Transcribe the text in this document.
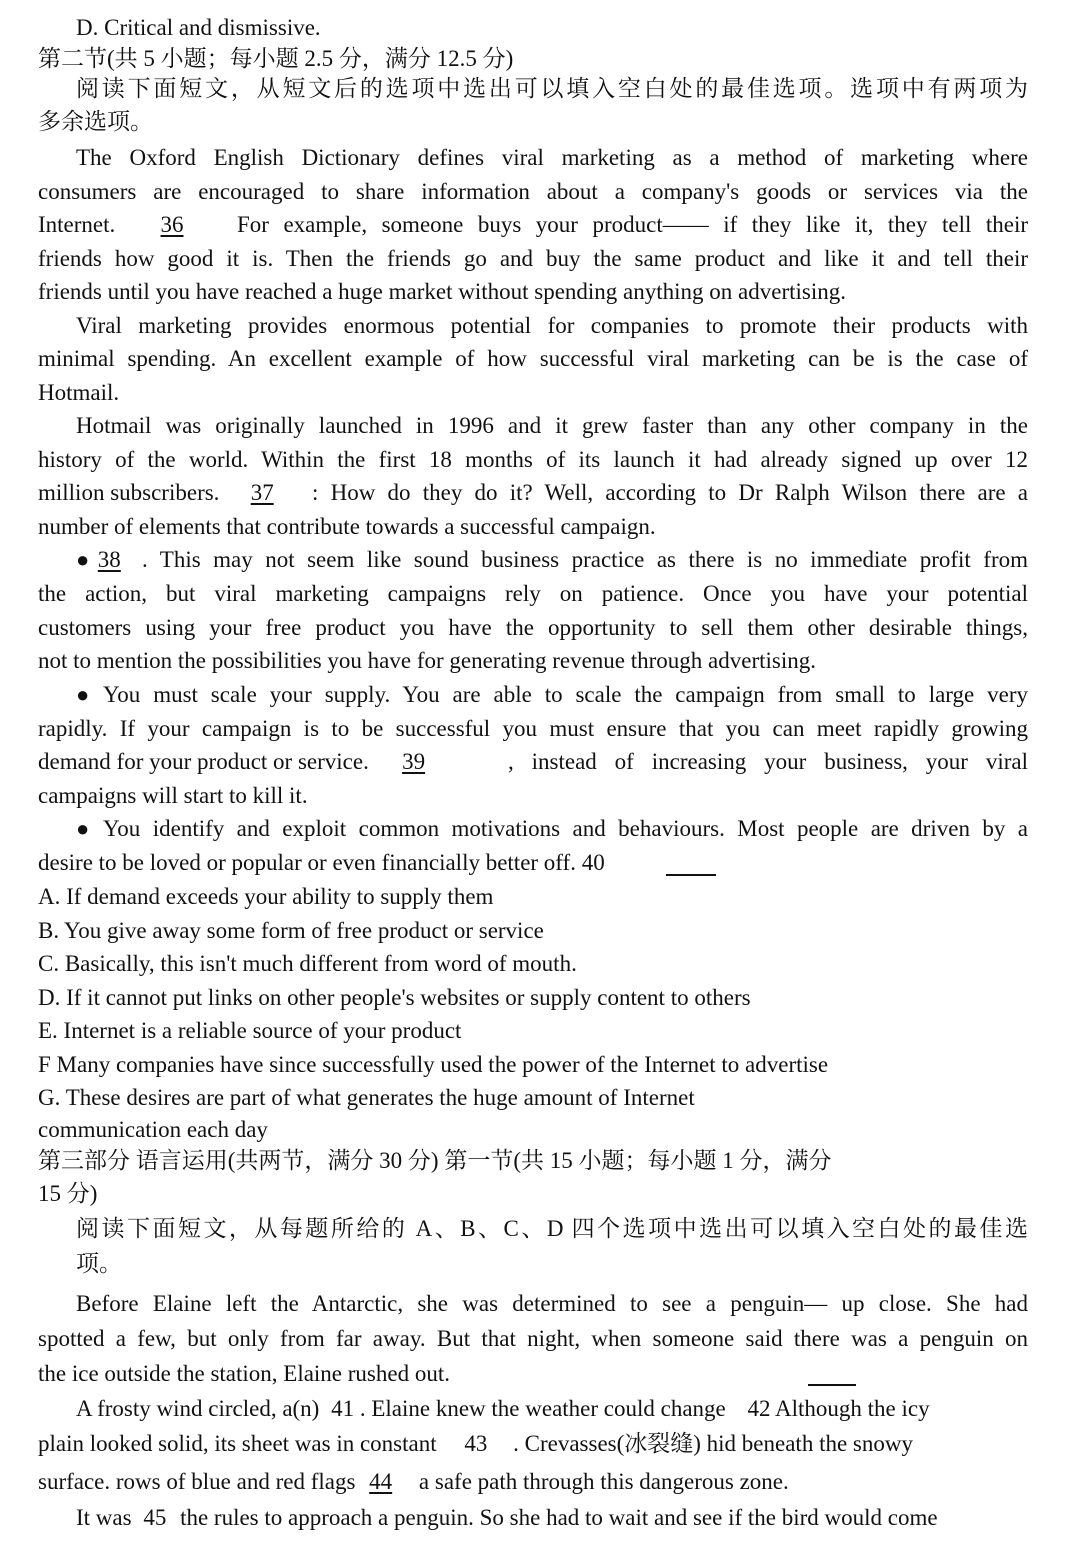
D. Critical and dismissive.
第二节(共 5 小题；每小题 2.5 分，满分 12.5 分)
阅读下面短文，从短文后的选项中选出可以填入空白处的最佳选项。选项中有两项为
多余选项。
The Oxford English Dictionary defines viral marketing as a method of marketing where
consumers are encouraged to share information about a company's goods or services via the
Internet. 36 For example, someone buys your product—— if they like it, they tell their
friends how good it is. Then the friends go and buy the same product and like it and tell their
friends until you have reached a huge market without spending anything on advertising.
Viral marketing provides enormous potential for companies to promote their products with
minimal spending. An excellent example of how successful viral marketing can be is the case of
Hotmail.
Hotmail was originally launched in 1996 and it grew faster than any other company in the
history of the world. Within the first 18 months of its launch it had already signed up over 12
million subscribers. 37 : How do they do it? Well, according to Dr Ralph Wilson there are a
number of elements that contribute towards a successful campaign.
● 38 . This may not seem like sound business practice as there is no immediate profit from
the action, but viral marketing campaigns rely on patience. Once you have your potential
customers using your free product you have the opportunity to sell them other desirable things,
not to mention the possibilities you have for generating revenue through advertising.
● You must scale your supply. You are able to scale the campaign from small to large very
rapidly. If your campaign is to be successful you must ensure that you can meet rapidly growing
demand for your product or service. 39	, instead of increasing your business, your viral
campaigns will start to kill it.
● You identify and exploit common motivations and behaviours. Most people are driven by a
desire to be loved or popular or even financially better off. 40
A. If demand exceeds your ability to supply them
B. You give away some form of free product or service
C. Basically, this isn't much different from word of mouth.
D. If it cannot put links on other people's websites or supply content to others
E. Internet is a reliable source of your product
F Many companies have since successfully used the power of the Internet to advertise
G. These desires are part of what generates the huge amount of Internet
communication each day
第三部分 语言运用(共两节，满分 30 分) 第一节(共 15 小题；每小题 1 分，满分
15 分)
阅读下面短文，从每题所给的 A、B、C、D 四个选项中选出可以填入空白处的最佳选
项。
Before Elaine left the Antarctic, she was determined to see a penguin— up close. She had
spotted a few, but only from far away. But that night, when someone said there was a penguin on
the ice outside the station, Elaine rushed out.
A frosty wind circled, a(n) 41 . Elaine knew the weather could change 42 Although the icy
plain looked solid, its sheet was in constant 43 . Crevasses(冰裂缝) hid beneath the snowy
surface. rows of blue and red flags 44 a safe path through this dangerous zone.
It was 45 the rules to approach a penguin. So she had to wait and see if the bird would come
